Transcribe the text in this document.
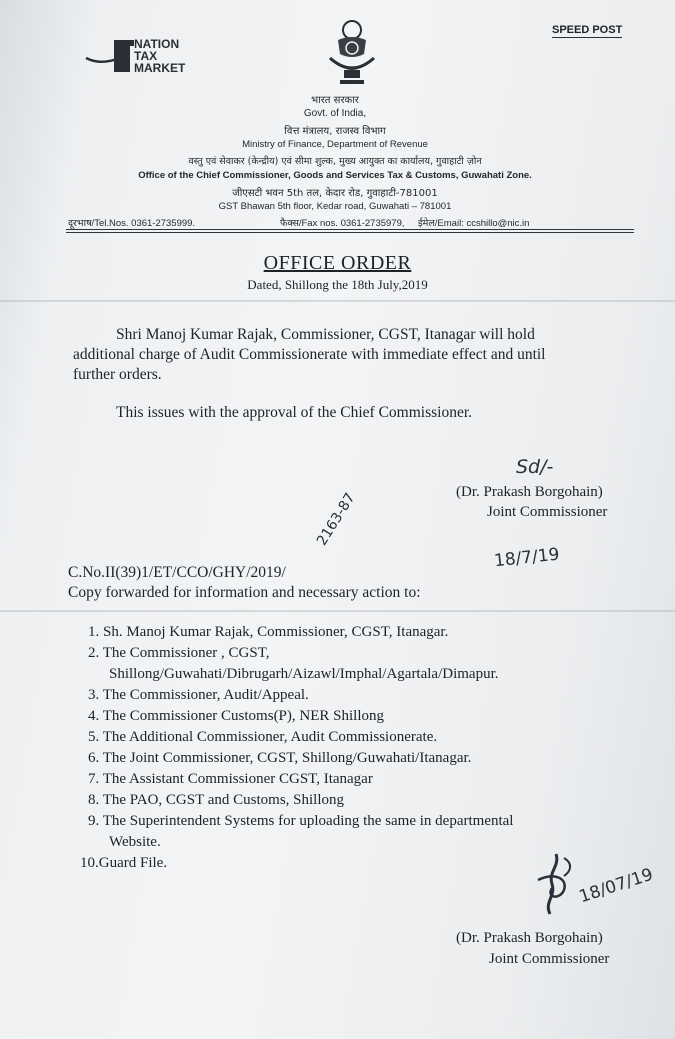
SPEED POST
NATION
TAX
MARKET
भारत सरकार
Govt. of India,
वित्त मंत्रालय, राजस्व विभाग
Ministry of Finance, Department of Revenue
वस्तु एवं सेवाकर (केन्द्रीय) एवं सीमा शुल्क, मुख्य आयुक्त का कार्यालय, गुवाहाटी ज़ोन
Office of the Chief Commissioner, Goods and Services Tax & Customs, Guwahati Zone.
जीएसटी भवन 5th तल, केदार रोड, गुवाहाटी-781001
GST Bhawan 5th floor, Kedar road, Guwahati – 781001
दूरभाष/Tel.Nos. 0361-2735999.	फैक्स/Fax nos. 0361-2735979, ईमेल/Email: ccshillo@nic.in
OFFICE ORDER
Dated, Shillong the 18th July,2019
Shri Manoj Kumar Rajak, Commissioner, CGST, Itanagar will hold
additional charge of Audit Commissionerate with immediate effect and until
further orders.
This issues with the approval of the Chief Commissioner.
Sd/-
(Dr. Prakash Borgohain)
Joint Commissioner
C.No.II(39)1/ET/CCO/GHY/2019/
2163-87
18/7/19
Copy forwarded for information and necessary action to:
1. Sh. Manoj Kumar Rajak, Commissioner, CGST, Itanagar.
2. The Commissioner , CGST,
Shillong/Guwahati/Dibrugarh/Aizawl/Imphal/Agartala/Dimapur.
3. The Commissioner, Audit/Appeal.
4. The Commissioner Customs(P), NER Shillong
5. The Additional Commissioner, Audit Commissionerate.
6. The Joint Commissioner, CGST, Shillong/Guwahati/Itanagar.
7. The Assistant Commissioner CGST, Itanagar
8. The PAO, CGST and Customs, Shillong
9. The Superintendent Systems for uploading the same in departmental
Website.
10.Guard File.
18/07/19
(Dr. Prakash Borgohain)
Joint Commissioner
